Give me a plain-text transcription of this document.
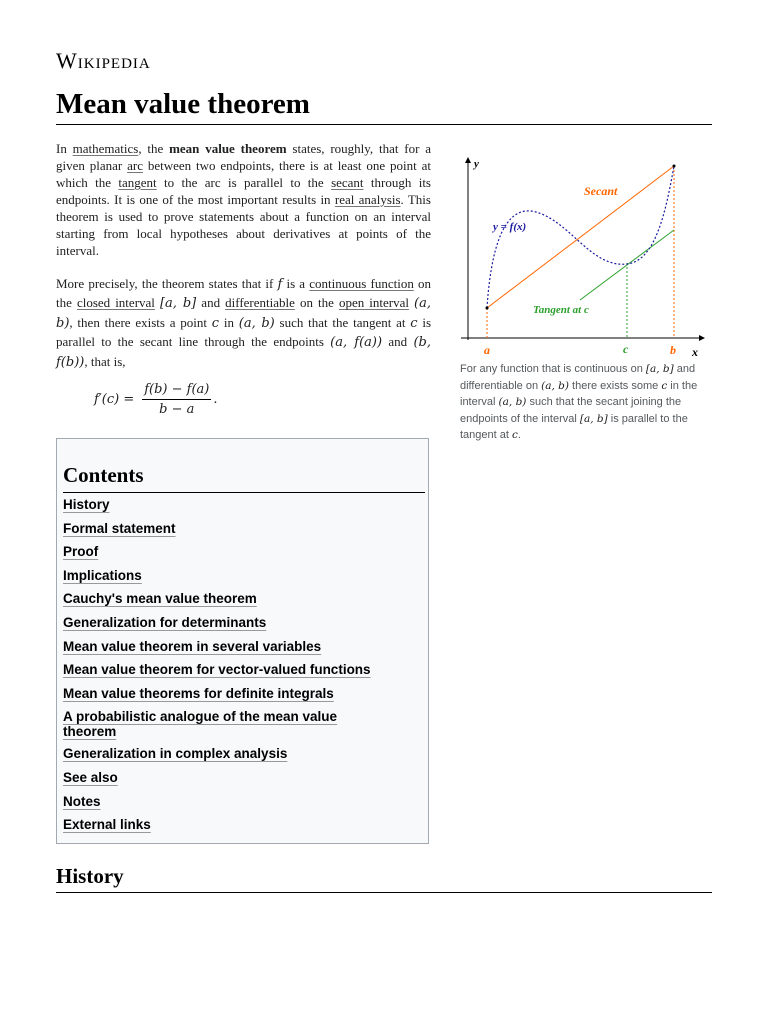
Wikipedia
Mean value theorem

In mathematics, the mean value theorem states, roughly, that for a given planar arc between two endpoints, there is at least one point at which the tangent to the arc is parallel to the secant through its endpoints. It is one of the most important results in real analysis. This theorem is used to prove statements about a function on an interval starting from local hypotheses about derivatives at points of the interval.

More precisely, the theorem states that if f is a continuous function on the closed interval [a, b] and differentiable on the open interval (a, b), then there exists a point c in (a, b) such that the tangent at c is parallel to the secant line through the endpoints (a, f(a)) and (b, f(b)), that is,

$f'(c) = \frac{f(b) - f(a)}{b - a}$ .
Contents
History
Formal statement
Proof
Implications
Cauchy's mean value theorem
Generalization for determinants
Mean value theorem in several variables
Mean value theorem for vector-valued functions
Mean value theorems for definite integrals
A probabilistic analogue of the mean value theorem
Generalization in complex analysis
See also
Notes
External links
History
y
x
Secant
y = f(x)
Tangent at c
a	c	b

For any function that is continuous on [a, b] and differentiable on (a, b) there exists some c in the interval (a, b) such that the secant joining the endpoints of the interval [a, b] is parallel to the tangent at c.
